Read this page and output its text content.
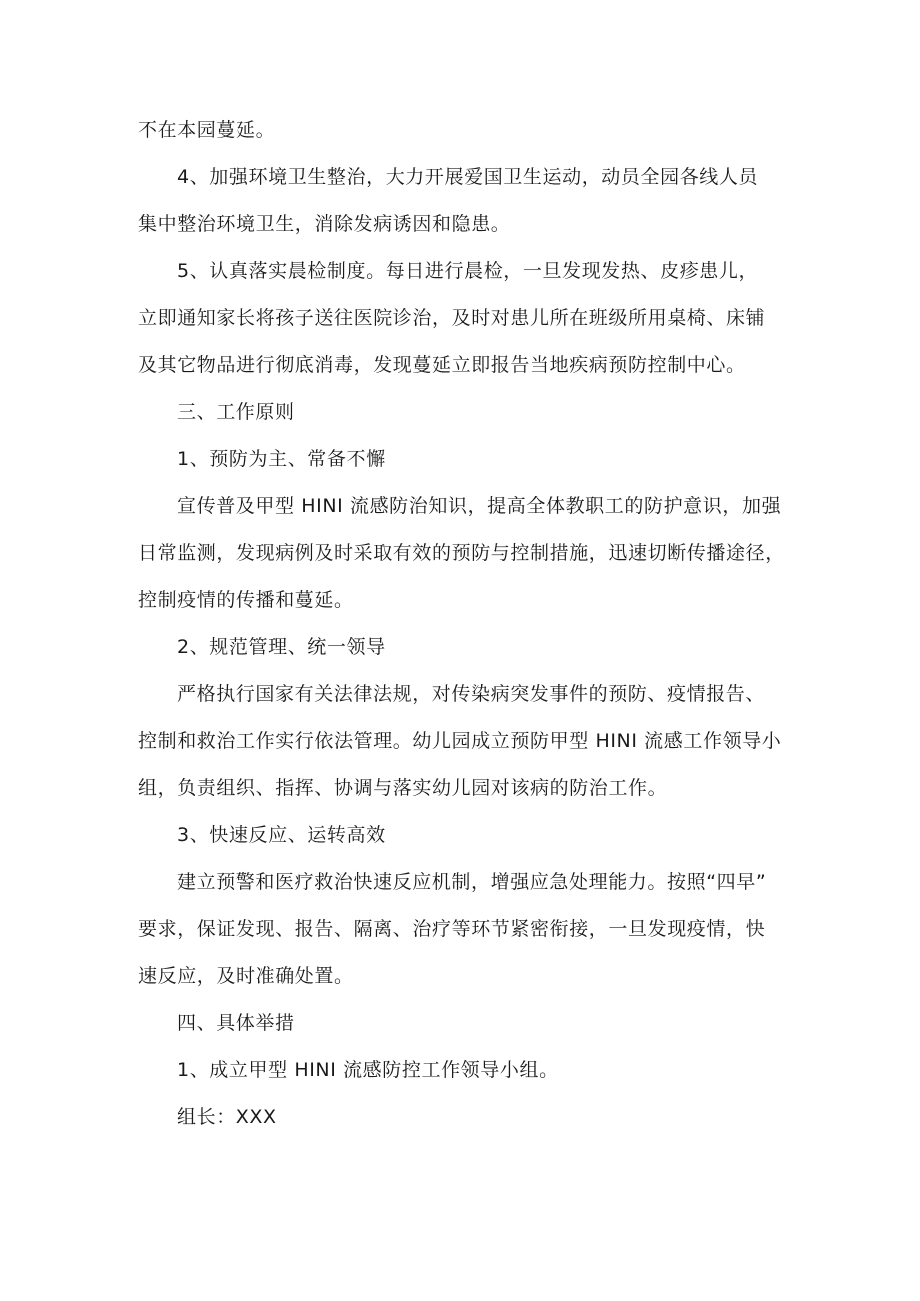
不在本园蔓延。
4、加强环境卫生整治，大力开展爱国卫生运动，动员全园各线人员
集中整治环境卫生，消除发病诱因和隐患。
5、认真落实晨检制度。每日进行晨检，一旦发现发热、皮疹患儿，
立即通知家长将孩子送往医院诊治，及时对患儿所在班级所用桌椅、床铺
及其它物品进行彻底消毒，发现蔓延立即报告当地疾病预防控制中心。
三、工作原则
1、预防为主、常备不懈
宣传普及甲型 HINI 流感防治知识，提高全体教职工的防护意识，加强
日常监测，发现病例及时采取有效的预防与控制措施，迅速切断传播途径，
控制疫情的传播和蔓延。
2、规范管理、统一领导
严格执行国家有关法律法规，对传染病突发事件的预防、疫情报告、
控制和救治工作实行依法管理。幼儿园成立预防甲型 HINI 流感工作领导小
组，负责组织、指挥、协调与落实幼儿园对该病的防治工作。
3、快速反应、运转高效
建立预警和医疗救治快速反应机制，增强应急处理能力。按照“四早”
要求，保证发现、报告、隔离、治疗等环节紧密衔接，一旦发现疫情，快
速反应，及时准确处置。
四、具体举措
1、成立甲型 HINI 流感防控工作领导小组。
组长：XXX
